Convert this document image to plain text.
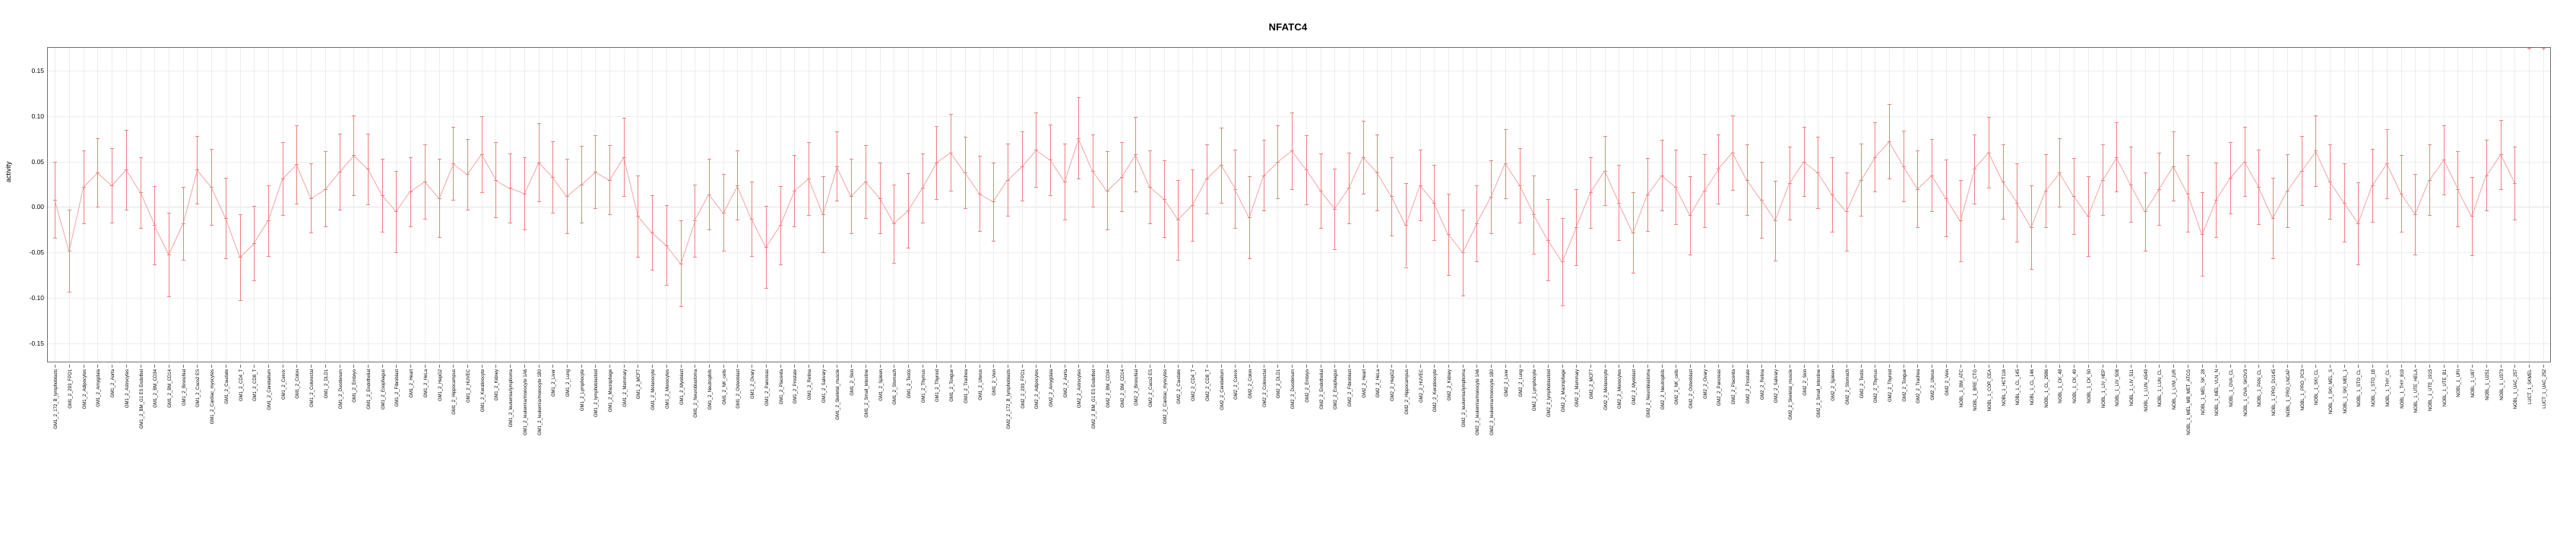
NFATC4
activity
-0.15
-0.10
-0.05
0.00
0.05
0.10
0.15
GM1_2_172_B_lymphoblasts GM1_2_293_FPD1 GM1_2_Adipocytes GM1_2_Amygdala GM1_2_Aorta GM1_2_Astrocytes GM1_2_BM_G1 ES Endothel GM1_2_BM_CD34 GM1_2_BM_CD14 GM1_2_Bronchial GM1_2_Caco2 ES GM1_2_Cardiac_myocytes GM1_2_Caudate GM1_2_CD4_T GM1_2_CD8_T GM1_2_Cerebellum GM1_2_Cervix GM1_2_Colon GM1_2_Colorectal GM1_2_DLD1 GM1_2_Duodenum GM1_2_Embryo GM1_2_Endothelial GM1_2_Esophagus GM1_2_Fibroblast GM1_2_Heart GM1_2_HeLa GM1_2_HepG2 GM1_2_Hippocampus GM1_2_HUVEC GM1_2_Keratinocyte GM1_2_Kidney GM1_2_leukemia/lymphoma GM1_2_leukemia/monocyte 1A6 GM1_2_leukemia/monocyte 1B0 GM1_2_Liver GM1_2_Lung GM1_2_Lymphocyte GM1_2_lymphoblastoid GM1_2_Macrophage GM1_2_Mammary GM1_2_MCF7 GM1_2_Melanocyte GM1_2_Monocytes GM1_2_Myoblast GM1_2_Neuroblastoma GM1_2_Neutrophils GM1_2_NK_cells GM1_2_Osteoblast GM1_2_Ovary GM1_2_Pancreas GM1_2_Placenta GM1_2_Prostate GM1_2_Retina GM1_2_Salivary GM1_2_Skeletal_muscle GM1_2_Skin GM1_2_Small_intestine GM1_2_Spleen GM1_2_Stomach GM1_2_Testis GM1_2_Thymus GM1_2_Thyroid GM1_2_Tongue GM1_2_Trachea GM1_2_Uterus GM1_2_Vein GM2_2_172_B_lymphoblasts GM2_2_293_FPD1 GM2_2_Adipocytes GM2_2_Amygdala GM2_2_Aorta GM2_2_Astrocytes GM2_2_BM_G1 ES Endothel GM2_2_BM_CD34 GM2_2_BM_CD14 GM2_2_Bronchial GM2_2_Caco2 ES GM2_2_Cardiac_myocytes GM2_2_Caudate GM2_2_CD4_T GM2_2_CD8_T GM2_2_Cerebellum GM2_2_Cervix GM2_2_Colon GM2_2_Colorectal GM2_2_DLD1 GM2_2_Duodenum GM2_2_Embryo GM2_2_Endothelial GM2_2_Esophagus GM2_2_Fibroblast GM2_2_Heart GM2_2_HeLa GM2_2_HepG2 GM2_2_Hippocampus GM2_2_HUVEC GM2_2_Keratinocyte GM2_2_Kidney GM2_2_leukemia/lymphoma GM2_2_leukemia/monocyte 1A6 GM2_2_leukemia/monocyte 1B0 GM2_2_Liver GM2_2_Lung GM2_2_Lymphocyte GM2_2_lymphoblastoid GM2_2_Macrophage GM2_2_Mammary GM2_2_MCF7 GM2_2_Melanocyte GM2_2_Monocytes GM2_2_Myoblast GM2_2_Neuroblastoma GM2_2_Neutrophils GM2_2_NK_cells GM2_2_Osteoblast GM2_2_Ovary GM2_2_Pancreas GM2_2_Placenta GM2_2_Prostate GM2_2_Retina GM2_2_Salivary GM2_2_Skeletal_muscle GM2_2_Skin GM2_2_Small_intestine GM2_2_Spleen GM2_2_Stomach GM2_2_Testis GM2_2_Thymus GM2_2_Thyroid GM2_2_Tongue GM2_2_Trachea GM2_2_Uterus GM2_2_Vein NOBL_1_BM_ATC NOBL_1_BRE_CTG NOBL_1_COR_CEA NOBL_1_HCT116 NOBL_1_CL_145 NOBL_1_CL_146 NOBL_1_CL_2986 NOBL_1_CK_48 NOBL_1_CK_49 NOBL_1_CK_50 NOBL_1_LIV_HEP NOBL_1_LIV_508 NOBL_1_LIV_511 NOBL_1_LUN_A549 NOBL_1_LUN_CL NOBL_1_LYM_JUR NOBL_1_MEL_MB_MET_ATCG NOBL_1_MEL_SK_28 NOBL_1_MEL_VLN_N NOBL_1_OVA_CL NOBL_1_OVA_SKOV3 NOBL_1_PAN_CL NOBL_1_PRO_DU145 NOBL_1_PRO_LNCAP NOBL_1_PRO_PC3 NOBL_1_SKI_CL NOBL_1_SKI_MEL_S NOBL_1_SKI_MEL_1 NOBL_1_STO_CL NOBL_1_STO_1B NOBL_1_THY_CL NOBL_1_THY_819 NOBL_1_UTE_HELA NOBL_1_UTE_1915 NOBL_1_UTE_B1 NOBL_1_URI NOBL_1_U87 NOBL_1_U251 NOBL_1_U373 NOBL_1_UAC_257 LUCT_1_SKMEL LUCT_1_UAC_252
